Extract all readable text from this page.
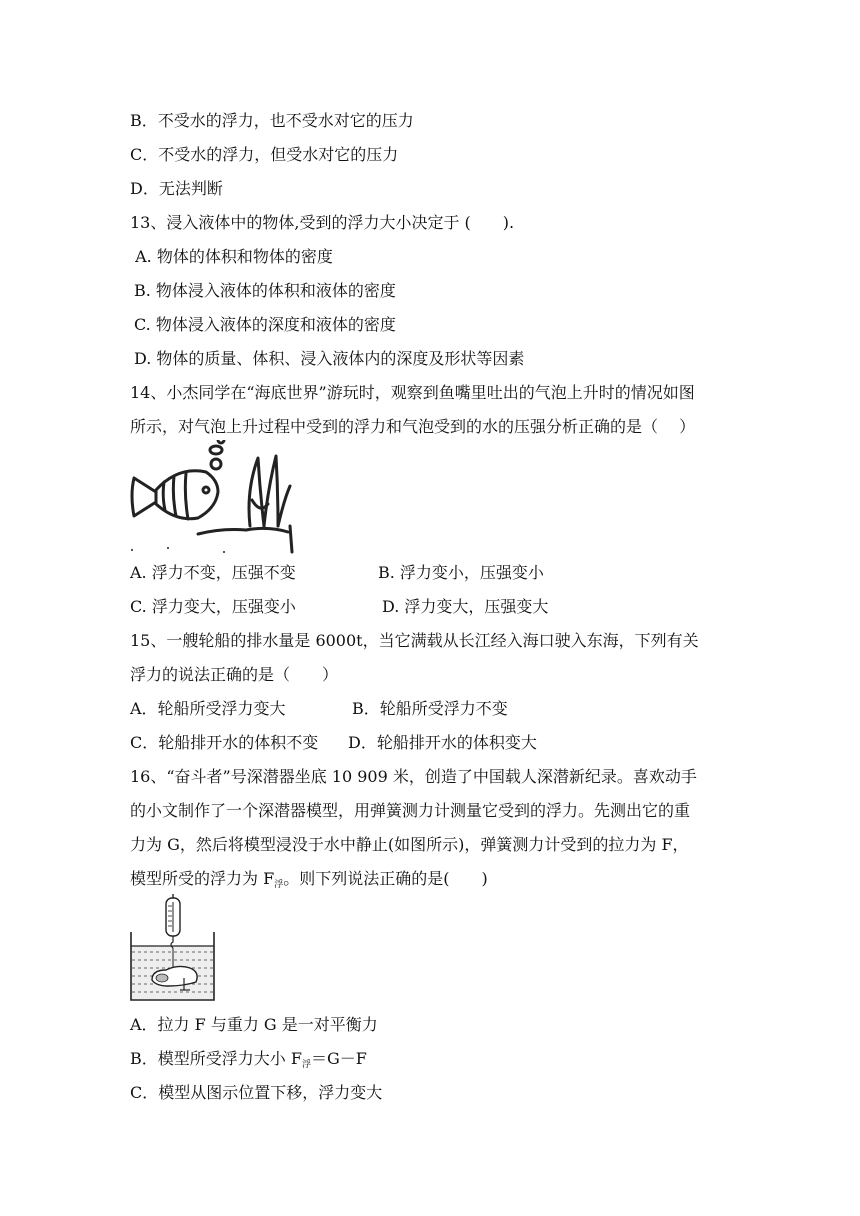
B．不受水的浮力，也不受水对它的压力
C．不受水的浮力，但受水对它的压力
D．无法判断
13、浸入液体中的物体,受到的浮力大小决定于 (　　).
A. 物体的体积和物体的密度
B. 物体浸入液体的体积和液体的密度
C. 物体浸入液体的深度和液体的密度
D. 物体的质量、体积、浸入液体内的深度及形状等因素
14、小杰同学在“海底世界”游玩时，观察到鱼嘴里吐出的气泡上升时的情况如图
所示，对气泡上升过程中受到的浮力和气泡受到的水的压强分析正确的是（　 ）
A. 浮力不变，压强不变	B. 浮力变小，压强变小
C. 浮力变大，压强变小	D. 浮力变大，压强变大
15、一艘轮船的排水量是 6000t，当它满载从长江经入海口驶入东海，下列有关
浮力的说法正确的是（　　）
A．轮船所受浮力变大	B．轮船所受浮力不变
C．轮船排开水的体积不变 D．轮船排开水的体积变大
16、“奋斗者”号深潜器坐底 10 909 米，创造了中国载人深潜新纪录。喜欢动手
的小文制作了一个深潜器模型，用弹簧测力计测量它受到的浮力。先测出它的重
力为 G，然后将模型浸没于水中静止(如图所示)，弹簧测力计受到的拉力为 F，
模型所受的浮力为 $F_浮$。则下列说法正确的是(　　)
A．拉力 F 与重力 G 是一对平衡力
B．模型所受浮力大小 $F_浮=G-F$
C．模型从图示位置下移，浮力变大
